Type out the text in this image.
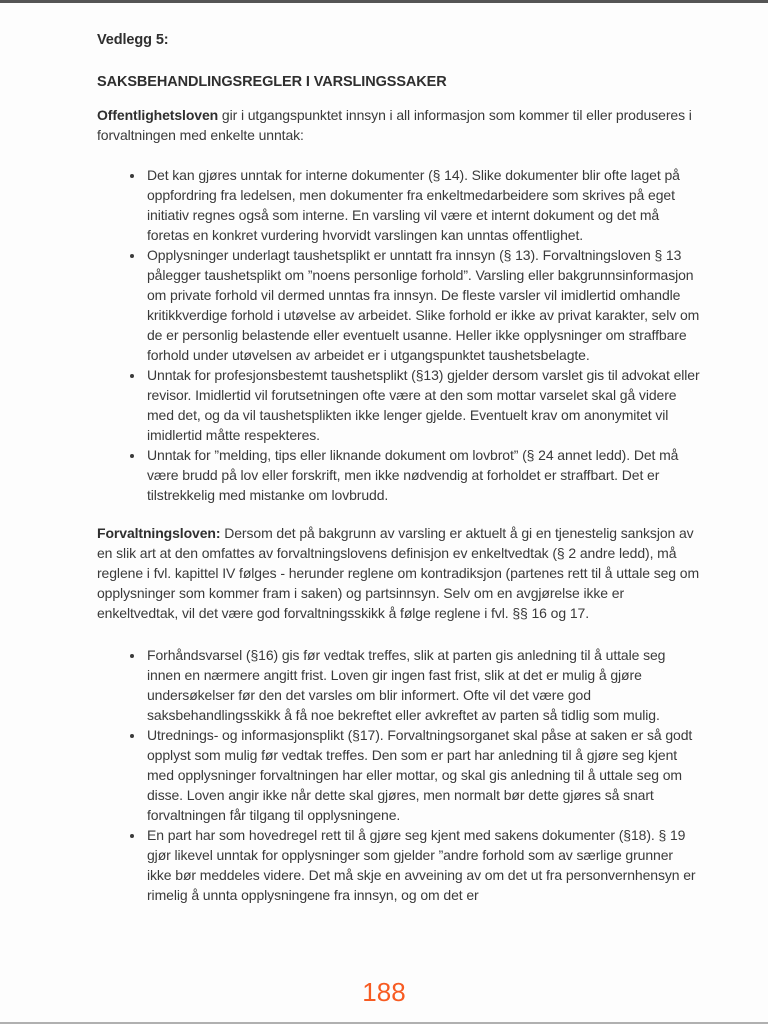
Vedlegg 5:

SAKSBEHANDLINGSREGLER I VARSLINGSSAKER

Offentlighetsloven gir i utgangspunktet innsyn i all informasjon som kommer til eller produseres i forvaltningen med enkelte unntak:

• Det kan gjøres unntak for interne dokumenter (§ 14). Slike dokumenter blir ofte laget på oppfordring fra ledelsen, men dokumenter fra enkeltmedarbeidere som skrives på eget initiativ regnes også som interne. En varsling vil være et internt dokument og det må foretas en konkret vurdering hvorvidt varslingen kan unntas offentlighet.
• Opplysninger underlagt taushetsplikt er unntatt fra innsyn (§ 13). Forvaltningsloven § 13 pålegger taushetsplikt om ”noens personlige forhold”. Varsling eller bakgrunnsinformasjon om private forhold vil dermed unntas fra innsyn. De fleste varsler vil imidlertid omhandle kritikkverdige forhold i utøvelse av arbeidet. Slike forhold er ikke av privat karakter, selv om de er personlig belastende eller eventuelt usanne. Heller ikke opplysninger om straffbare forhold under utøvelsen av arbeidet er i utgangspunktet taushetsbelagte.
• Unntak for profesjonsbestemt taushetsplikt (§13) gjelder dersom varslet gis til advokat eller revisor. Imidlertid vil forutsetningen ofte være at den som mottar varselet skal gå videre med det, og da vil taushetsplikten ikke lenger gjelde. Eventuelt krav om anonymitet vil imidlertid måtte respekteres.
• Unntak for ”melding, tips eller liknande dokument om lovbrot” (§ 24 annet ledd). Det må være brudd på lov eller forskrift, men ikke nødvendig at forholdet er straffbart. Det er tilstrekkelig med mistanke om lovbrudd.

Forvaltningsloven: Dersom det på bakgrunn av varsling er aktuelt å gi en tjenestelig sanksjon av en slik art at den omfattes av forvaltningslovens definisjon ev enkeltvedtak (§ 2 andre ledd), må reglene i fvl. kapittel IV følges - herunder reglene om kontradiksjon (partenes rett til å uttale seg om opplysninger som kommer fram i saken) og partsinnsyn. Selv om en avgjørelse ikke er enkeltvedtak, vil det være god forvaltningsskikk å følge reglene i fvl. §§ 16 og 17.

• Forhåndsvarsel (§16) gis før vedtak treffes, slik at parten gis anledning til å uttale seg innen en nærmere angitt frist. Loven gir ingen fast frist, slik at det er mulig å gjøre undersøkelser før den det varsles om blir informert. Ofte vil det være god saksbehandlingsskikk å få noe bekreftet eller avkreftet av parten så tidlig som mulig.
• Utrednings- og informasjonsplikt (§17). Forvaltningsorganet skal påse at saken er så godt opplyst som mulig før vedtak treffes. Den som er part har anledning til å gjøre seg kjent med opplysninger forvaltningen har eller mottar, og skal gis anledning til å uttale seg om disse. Loven angir ikke når dette skal gjøres, men normalt bør dette gjøres så snart forvaltningen får tilgang til opplysningene.
• En part har som hovedregel rett til å gjøre seg kjent med sakens dokumenter (§18). § 19 gjør likevel unntak for opplysninger som gjelder ”andre forhold som av særlige grunner ikke bør meddeles videre. Det må skje en avveining av om det ut fra personvernhensyn er rimelig å unnta opplysningene fra innsyn, og om det er
188
